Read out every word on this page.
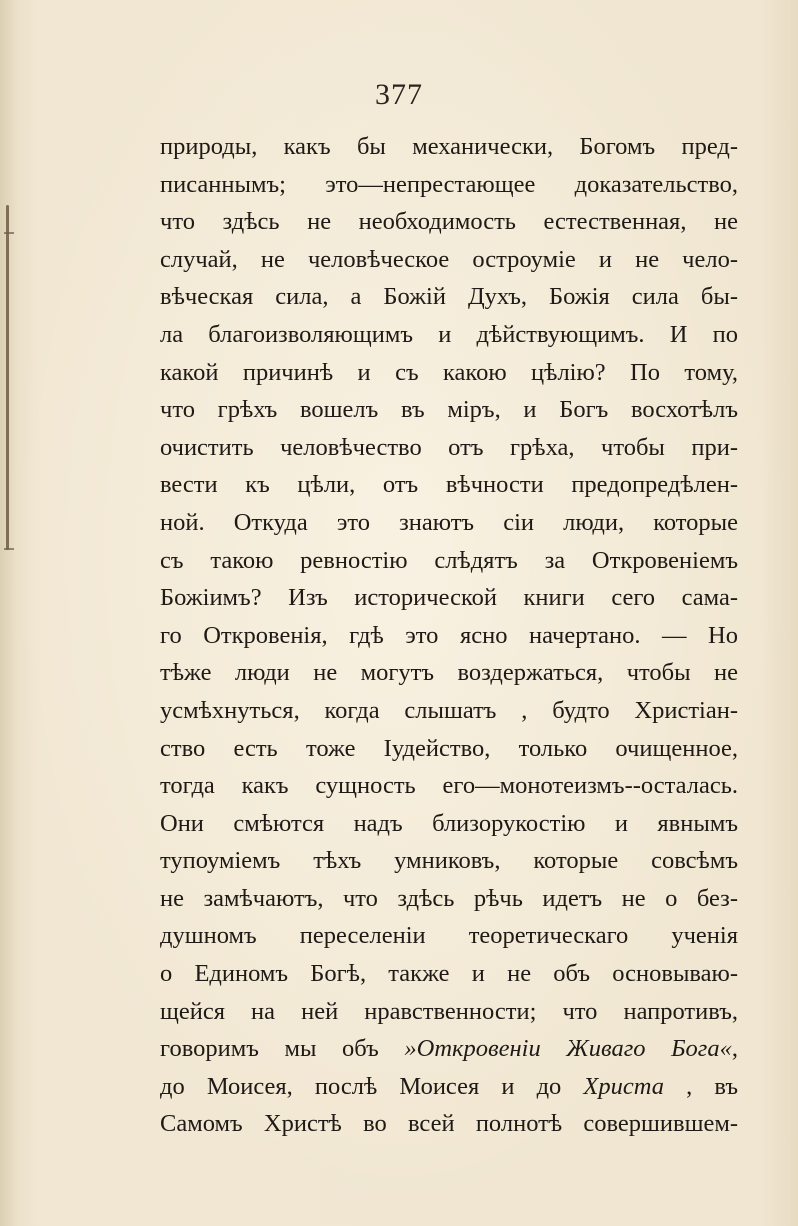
377
природы, какъ бы механически, Богомъ пред-
писаннымъ; это—непрестающее доказательство,
что здѣсь не необходимость естественная, не
случай, не человѣческое остроуміе и не чело-
вѣческая сила, а Божій Духъ, Божія сила бы-
ла благоизволяющимъ и дѣйствующимъ. И по
какой причинѣ и съ какою цѣлію? По тому,
что грѣхъ вошелъ въ міръ, и Богъ восхотѣлъ
очистить человѣчество отъ грѣха, чтобы при-
вести къ цѣли, отъ вѣчности предопредѣлен-
ной. Откуда это знаютъ сіи люди, которые
съ такою ревностію слѣдятъ за Откровеніемъ
Божіимъ? Изъ исторической книги сего сама-
го Откровенія, гдѣ это ясно начертано. — Но
тѣже люди не могутъ воздержаться, чтобы не
усмѣхнуться, когда слышатъ , будто Христіан-
ство есть тоже Іудейство, только очищенное,
тогда какъ сущность его—монотеизмъ--осталась.
Они смѣются надъ близорукостію и явнымъ
тупоуміемъ тѣхъ умниковъ, которые совсѣмъ
не замѣчаютъ, что здѣсь рѣчь идетъ не о без-
душномъ переселеніи теоретическаго ученія
о Единомъ Богѣ, также и не объ основываю-
щейся на ней нравственности; что напротивъ,
говоримъ мы объ »Откровеніи Живаго Бога«,
до Моисея, послѣ Моисея и до Христа , въ
Самомъ Христѣ во всей полнотѣ совершившем-
